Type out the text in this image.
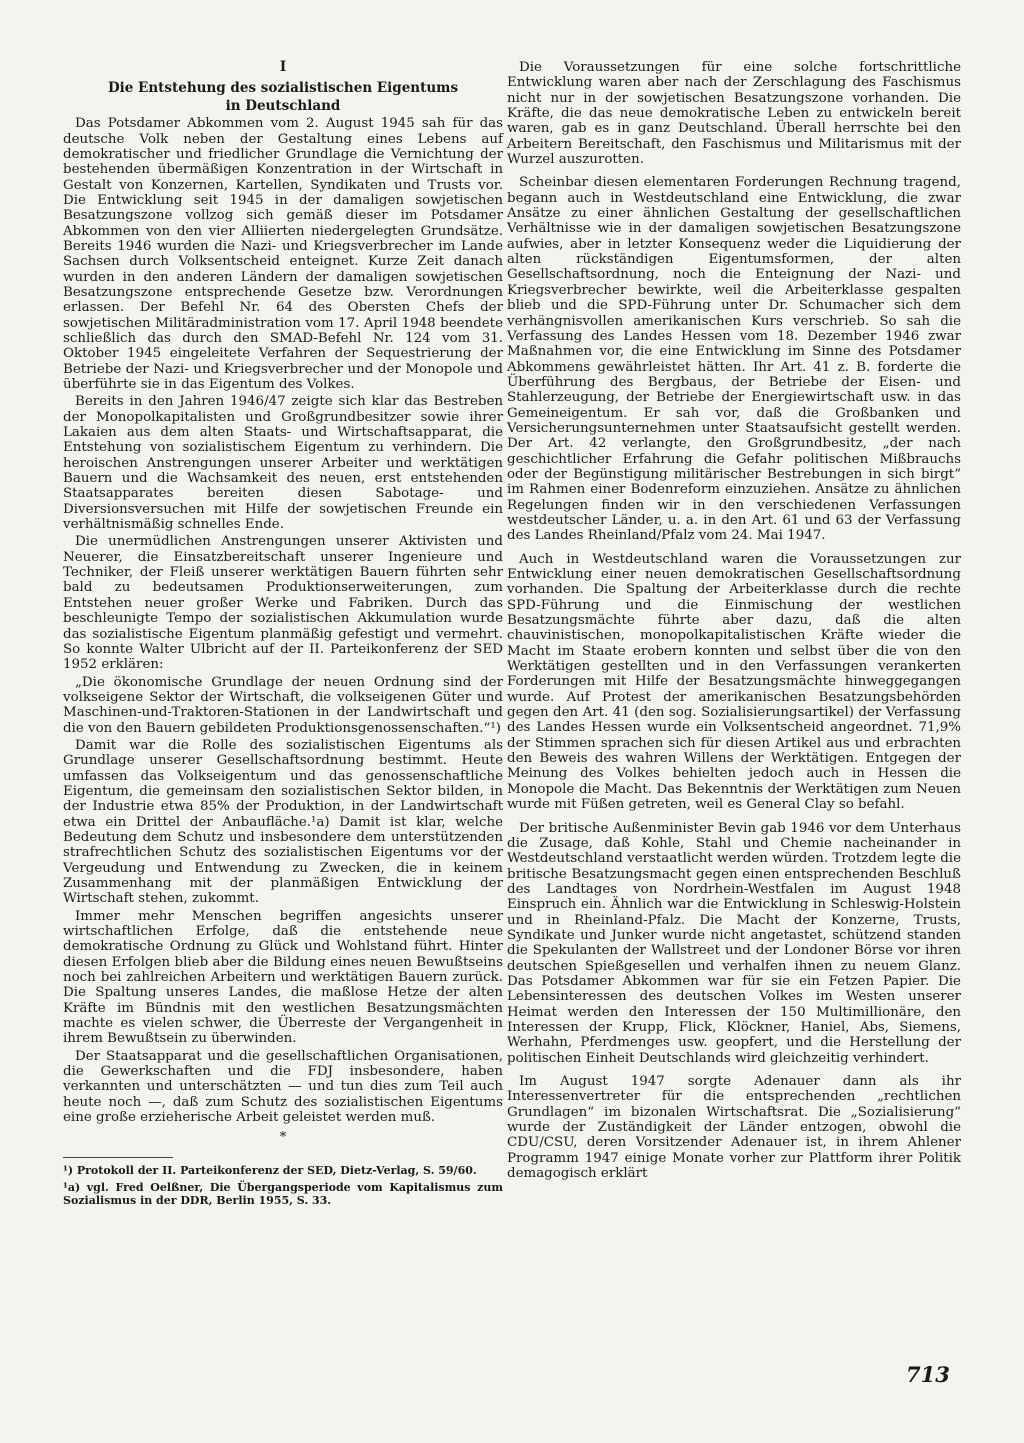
I
Die Entstehung des sozialistischen Eigentums
in Deutschland

Das Potsdamer Abkommen vom 2. August 1945 sah für das deutsche Volk neben der Gestaltung eines Lebens auf demokratischer und friedlicher Grundlage die Vernichtung der bestehenden übermäßigen Konzentration in der Wirtschaft in Gestalt von Konzernen, Kartellen, Syndikaten und Trusts vor. Die Entwicklung seit 1945 in der damaligen sowjetischen Besatzungszone vollzog sich gemäß dieser im Potsdamer Abkommen von den vier Alliierten niedergelegten Grundsätze. Bereits 1946 wurden die Nazi- und Kriegsverbrecher im Lande Sachsen durch Volksentscheid enteignet. Kurze Zeit danach wurden in den anderen Ländern der damaligen sowjetischen Besatzungszone entsprechende Gesetze bzw. Verordnungen erlassen. Der Befehl Nr. 64 des Obersten Chefs der sowjetischen Militäradministration vom 17. April 1948 beendete schließlich das durch den SMAD-Befehl Nr. 124 vom 31. Oktober 1945 eingeleitete Verfahren der Sequestrierung der Betriebe der Nazi- und Kriegsverbrecher und der Monopole und überführte sie in das Eigentum des Volkes.

Bereits in den Jahren 1946/47 zeigte sich klar das Bestreben der Monopolkapitalisten und Großgrundbesitzer sowie ihrer Lakaien aus dem alten Staats- und Wirtschaftsapparat, die Entstehung von sozialistischem Eigentum zu verhindern. Die heroischen Anstrengungen unserer Arbeiter und werktätigen Bauern und die Wachsamkeit des neuen, erst entstehenden Staatsapparates bereiten diesen Sabotage- und Diversionsversuchen mit Hilfe der sowjetischen Freunde ein verhältnismäßig schnelles Ende.

Die unermüdlichen Anstrengungen unserer Aktivisten und Neuerer, die Einsatzbereitschaft unserer Ingenieure und Techniker, der Fleiß unserer werktätigen Bauern führten sehr bald zu bedeutsamen Produktionserweiterungen, zum Entstehen neuer großer Werke und Fabriken. Durch das beschleunigte Tempo der sozialistischen Akkumulation wurde das sozialistische Eigentum planmäßig gefestigt und vermehrt. So konnte Walter Ulbricht auf der II. Parteikonferenz der SED 1952 erklären:

„Die ökonomische Grundlage der neuen Ordnung sind der volkseigene Sektor der Wirtschaft, die volkseigenen Güter und Maschinen-und-Traktoren-Stationen in der Landwirtschaft und die von den Bauern gebildeten Produktionsgenossenschaften.“¹)

Damit war die Rolle des sozialistischen Eigentums als Grundlage unserer Gesellschaftsordnung bestimmt. Heute umfassen das Volkseigentum und das genossenschaftliche Eigentum, die gemeinsam den sozialistischen Sektor bilden, in der Industrie etwa 85% der Produktion, in der Landwirtschaft etwa ein Drittel der Anbaufläche.¹a) Damit ist klar, welche Bedeutung dem Schutz und insbesondere dem unterstützenden strafrechtlichen Schutz des sozialistischen Eigentums vor der Vergeudung und Entwendung zu Zwecken, die in keinem Zusammenhang mit der planmäßigen Entwicklung der Wirtschaft stehen, zukommt.

Immer mehr Menschen begriffen angesichts unserer wirtschaftlichen Erfolge, daß die entstehende neue demokratische Ordnung zu Glück und Wohlstand führt. Hinter diesen Erfolgen blieb aber die Bildung eines neuen Bewußtseins noch bei zahlreichen Arbeitern und werktätigen Bauern zurück. Die Spaltung unseres Landes, die maßlose Hetze der alten Kräfte im Bündnis mit den westlichen Besatzungsmächten machte es vielen schwer, die Überreste der Vergangenheit in ihrem Bewußtsein zu überwinden.

Der Staatsapparat und die gesellschaftlichen Organisationen, die Gewerkschaften und die FDJ insbesondere, haben verkannten und unterschätzten — und tun dies zum Teil auch heute noch —, daß zum Schutz des sozialistischen Eigentums eine große erzieherische Arbeit geleistet werden muß.

*
¹) Protokoll der II. Parteikonferenz der SED, Dietz-Verlag, S. 59/60.
¹a) vgl. Fred Oelßner, Die Übergangsperiode vom Kapitalismus zum Sozialismus in der DDR, Berlin 1955, S. 33.

Die Voraussetzungen für eine solche fortschrittliche Entwicklung waren aber nach der Zerschlagung des Faschismus nicht nur in der sowjetischen Besatzungszone vorhanden. Die Kräfte, die das neue demokratische Leben zu entwickeln bereit waren, gab es in ganz Deutschland. Überall herrschte bei den Arbeitern Bereitschaft, den Faschismus und Militarismus mit der Wurzel auszurotten.

Scheinbar diesen elementaren Forderungen Rechnung tragend, begann auch in Westdeutschland eine Entwicklung, die zwar Ansätze zu einer ähnlichen Gestaltung der gesellschaftlichen Verhältnisse wie in der damaligen sowjetischen Besatzungszone aufwies, aber in letzter Konsequenz weder die Liquidierung der alten rückständigen Eigentumsformen, der alten Gesellschaftsordnung, noch die Enteignung der Nazi- und Kriegsverbrecher bewirkte, weil die Arbeiterklasse gespalten blieb und die SPD-Führung unter Dr. Schumacher sich dem verhängnisvollen amerikanischen Kurs verschrieb. So sah die Verfassung des Landes Hessen vom 18. Dezember 1946 zwar Maßnahmen vor, die eine Entwicklung im Sinne des Potsdamer Abkommens gewährleistet hätten. Ihr Art. 41 z. B. forderte die Überführung des Bergbaus, der Betriebe der Eisen- und Stahlerzeugung, der Betriebe der Energiewirtschaft usw. in das Gemeineigentum. Er sah vor, daß die Großbanken und Versicherungsunternehmen unter Staatsaufsicht gestellt werden. Der Art. 42 verlangte, den Großgrundbesitz, „der nach geschichtlicher Erfahrung die Gefahr politischen Mißbrauchs oder der Begünstigung militärischer Bestrebungen in sich birgt“ im Rahmen einer Bodenreform einzuziehen. Ansätze zu ähnlichen Regelungen finden wir in den verschiedenen Verfassungen westdeutscher Länder, u. a. in den Art. 61 und 63 der Verfassung des Landes Rheinland/Pfalz vom 24. Mai 1947.

Auch in Westdeutschland waren die Voraussetzungen zur Entwicklung einer neuen demokratischen Gesellschaftsordnung vorhanden. Die Spaltung der Arbeiterklasse durch die rechte SPD-Führung und die Einmischung der westlichen Besatzungsmächte führte aber dazu, daß die alten chauvinistischen, monopolkapitalistischen Kräfte wieder die Macht im Staate erobern konnten und selbst über die von den Werktätigen gestellten und in den Verfassungen verankerten Forderungen mit Hilfe der Besatzungsmächte hinweggegangen wurde. Auf Protest der amerikanischen Besatzungsbehörden gegen den Art. 41 (den sog. Sozialisierungsartikel) der Verfassung des Landes Hessen wurde ein Volksentscheid angeordnet. 71,9% der Stimmen sprachen sich für diesen Artikel aus und erbrachten den Beweis des wahren Willens der Werktätigen. Entgegen der Meinung des Volkes behielten jedoch auch in Hessen die Monopole die Macht. Das Bekenntnis der Werktätigen zum Neuen wurde mit Füßen getreten, weil es General Clay so befahl.

Der britische Außenminister Bevin gab 1946 vor dem Unterhaus die Zusage, daß Kohle, Stahl und Chemie nacheinander in Westdeutschland verstaatlicht werden würden. Trotzdem legte die britische Besatzungsmacht gegen einen entsprechenden Beschluß des Landtages von Nordrhein-Westfalen im August 1948 Einspruch ein. Ähnlich war die Entwicklung in Schleswig-Holstein und in Rheinland-Pfalz. Die Macht der Konzerne, Trusts, Syndikate und Junker wurde nicht angetastet, schützend standen die Spekulanten der Wallstreet und der Londoner Börse vor ihren deutschen Spießgesellen und verhalfen ihnen zu neuem Glanz. Das Potsdamer Abkommen war für sie ein Fetzen Papier. Die Lebensinteressen des deutschen Volkes im Westen unserer Heimat werden den Interessen der 150 Multimillionäre, den Interessen der Krupp, Flick, Klöckner, Haniel, Abs, Siemens, Werhahn, Pferdmenges usw. geopfert, und die Herstellung der politischen Einheit Deutschlands wird gleichzeitig verhindert.

Im August 1947 sorgte Adenauer dann als ihr Interessenvertreter für die entsprechenden „rechtlichen Grundlagen“ im bizonalen Wirtschaftsrat. Die „Sozialisierung“ wurde der Zuständigkeit der Länder entzogen, obwohl die CDU/CSU, deren Vorsitzender Adenauer ist, in ihrem Ahlener Programm 1947 einige Monate vorher zur Plattform ihrer Politik demagogisch erklärt

713
